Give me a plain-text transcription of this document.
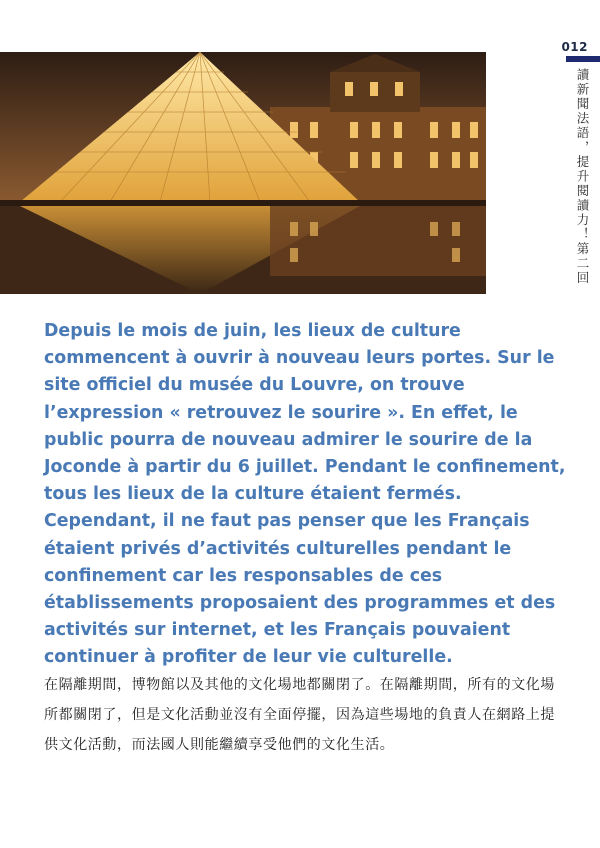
012
讀新聞法語，提升閱讀力！第二回

Depuis le mois de juin, les lieux de culture commencent à ouvrir à nouveau leurs portes. Sur le site officiel du musée du Louvre, on trouve l’expression « retrouvez le sourire ». En effet, le public pourra de nouveau admirer le sourire de la Joconde à partir du 6 juillet. Pendant le confinement, tous les lieux de la culture étaient fermés. Cependant, il ne faut pas penser que les Français étaient privés d’activités culturelles pendant le confinement car les responsables de ces établissements proposaient des programmes et des activités sur internet, et les Français pouvaient continuer à profiter de leur vie culturelle.

在隔離期間，博物館以及其他的文化場地都關閉了。在隔離期間，所有的文化場所都關閉了，但是文化活動並沒有全面停擺，因為這些場地的負責人在網路上提供文化活動，而法國人則能繼續享受他們的文化生活。
